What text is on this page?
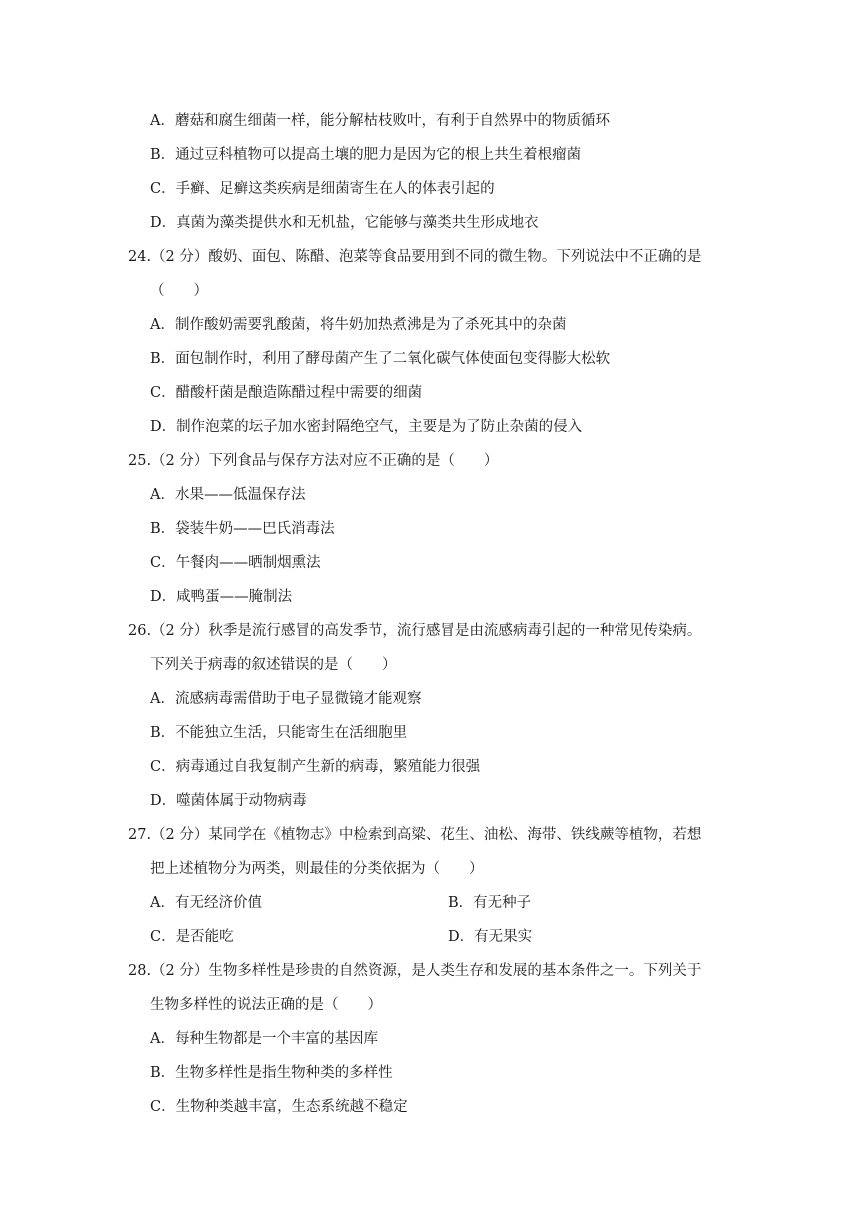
A．蘑菇和腐生细菌一样，能分解枯枝败叶，有利于自然界中的物质循环
B．通过豆科植物可以提高土壤的肥力是因为它的根上共生着根瘤菌
C．手癣、足癣这类疾病是细菌寄生在人的体表引起的
D．真菌为藻类提供水和无机盐，它能够与藻类共生形成地衣
24.（2 分）酸奶、面包、陈醋、泡菜等食品要用到不同的微生物。下列说法中不正确的是
（　　）
A．制作酸奶需要乳酸菌，将牛奶加热煮沸是为了杀死其中的杂菌
B．面包制作时，利用了酵母菌产生了二氧化碳气体使面包变得膨大松软
C．醋酸杆菌是酿造陈醋过程中需要的细菌
D．制作泡菜的坛子加水密封隔绝空气，主要是为了防止杂菌的侵入
25.（2 分）下列食品与保存方法对应不正确的是（　　）
A．水果——低温保存法
B．袋装牛奶——巴氏消毒法
C．午餐肉——晒制烟熏法
D．咸鸭蛋——腌制法
26.（2 分）秋季是流行感冒的高发季节，流行感冒是由流感病毒引起的一种常见传染病。
下列关于病毒的叙述错误的是（　　）
A．流感病毒需借助于电子显微镜才能观察
B．不能独立生活，只能寄生在活细胞里
C．病毒通过自我复制产生新的病毒，繁殖能力很强
D．噬菌体属于动物病毒
27.（2 分）某同学在《植物志》中检索到高粱、花生、油松、海带、铁线蕨等植物，若想
把上述植物分为两类，则最佳的分类依据为（　　）
A．有无经济价值	B．有无种子
C．是否能吃	D．有无果实
28.（2 分）生物多样性是珍贵的自然资源，是人类生存和发展的基本条件之一。下列关于
生物多样性的说法正确的是（　　）
A．每种生物都是一个丰富的基因库
B．生物多样性是指生物种类的多样性
C．生物种类越丰富，生态系统越不稳定
